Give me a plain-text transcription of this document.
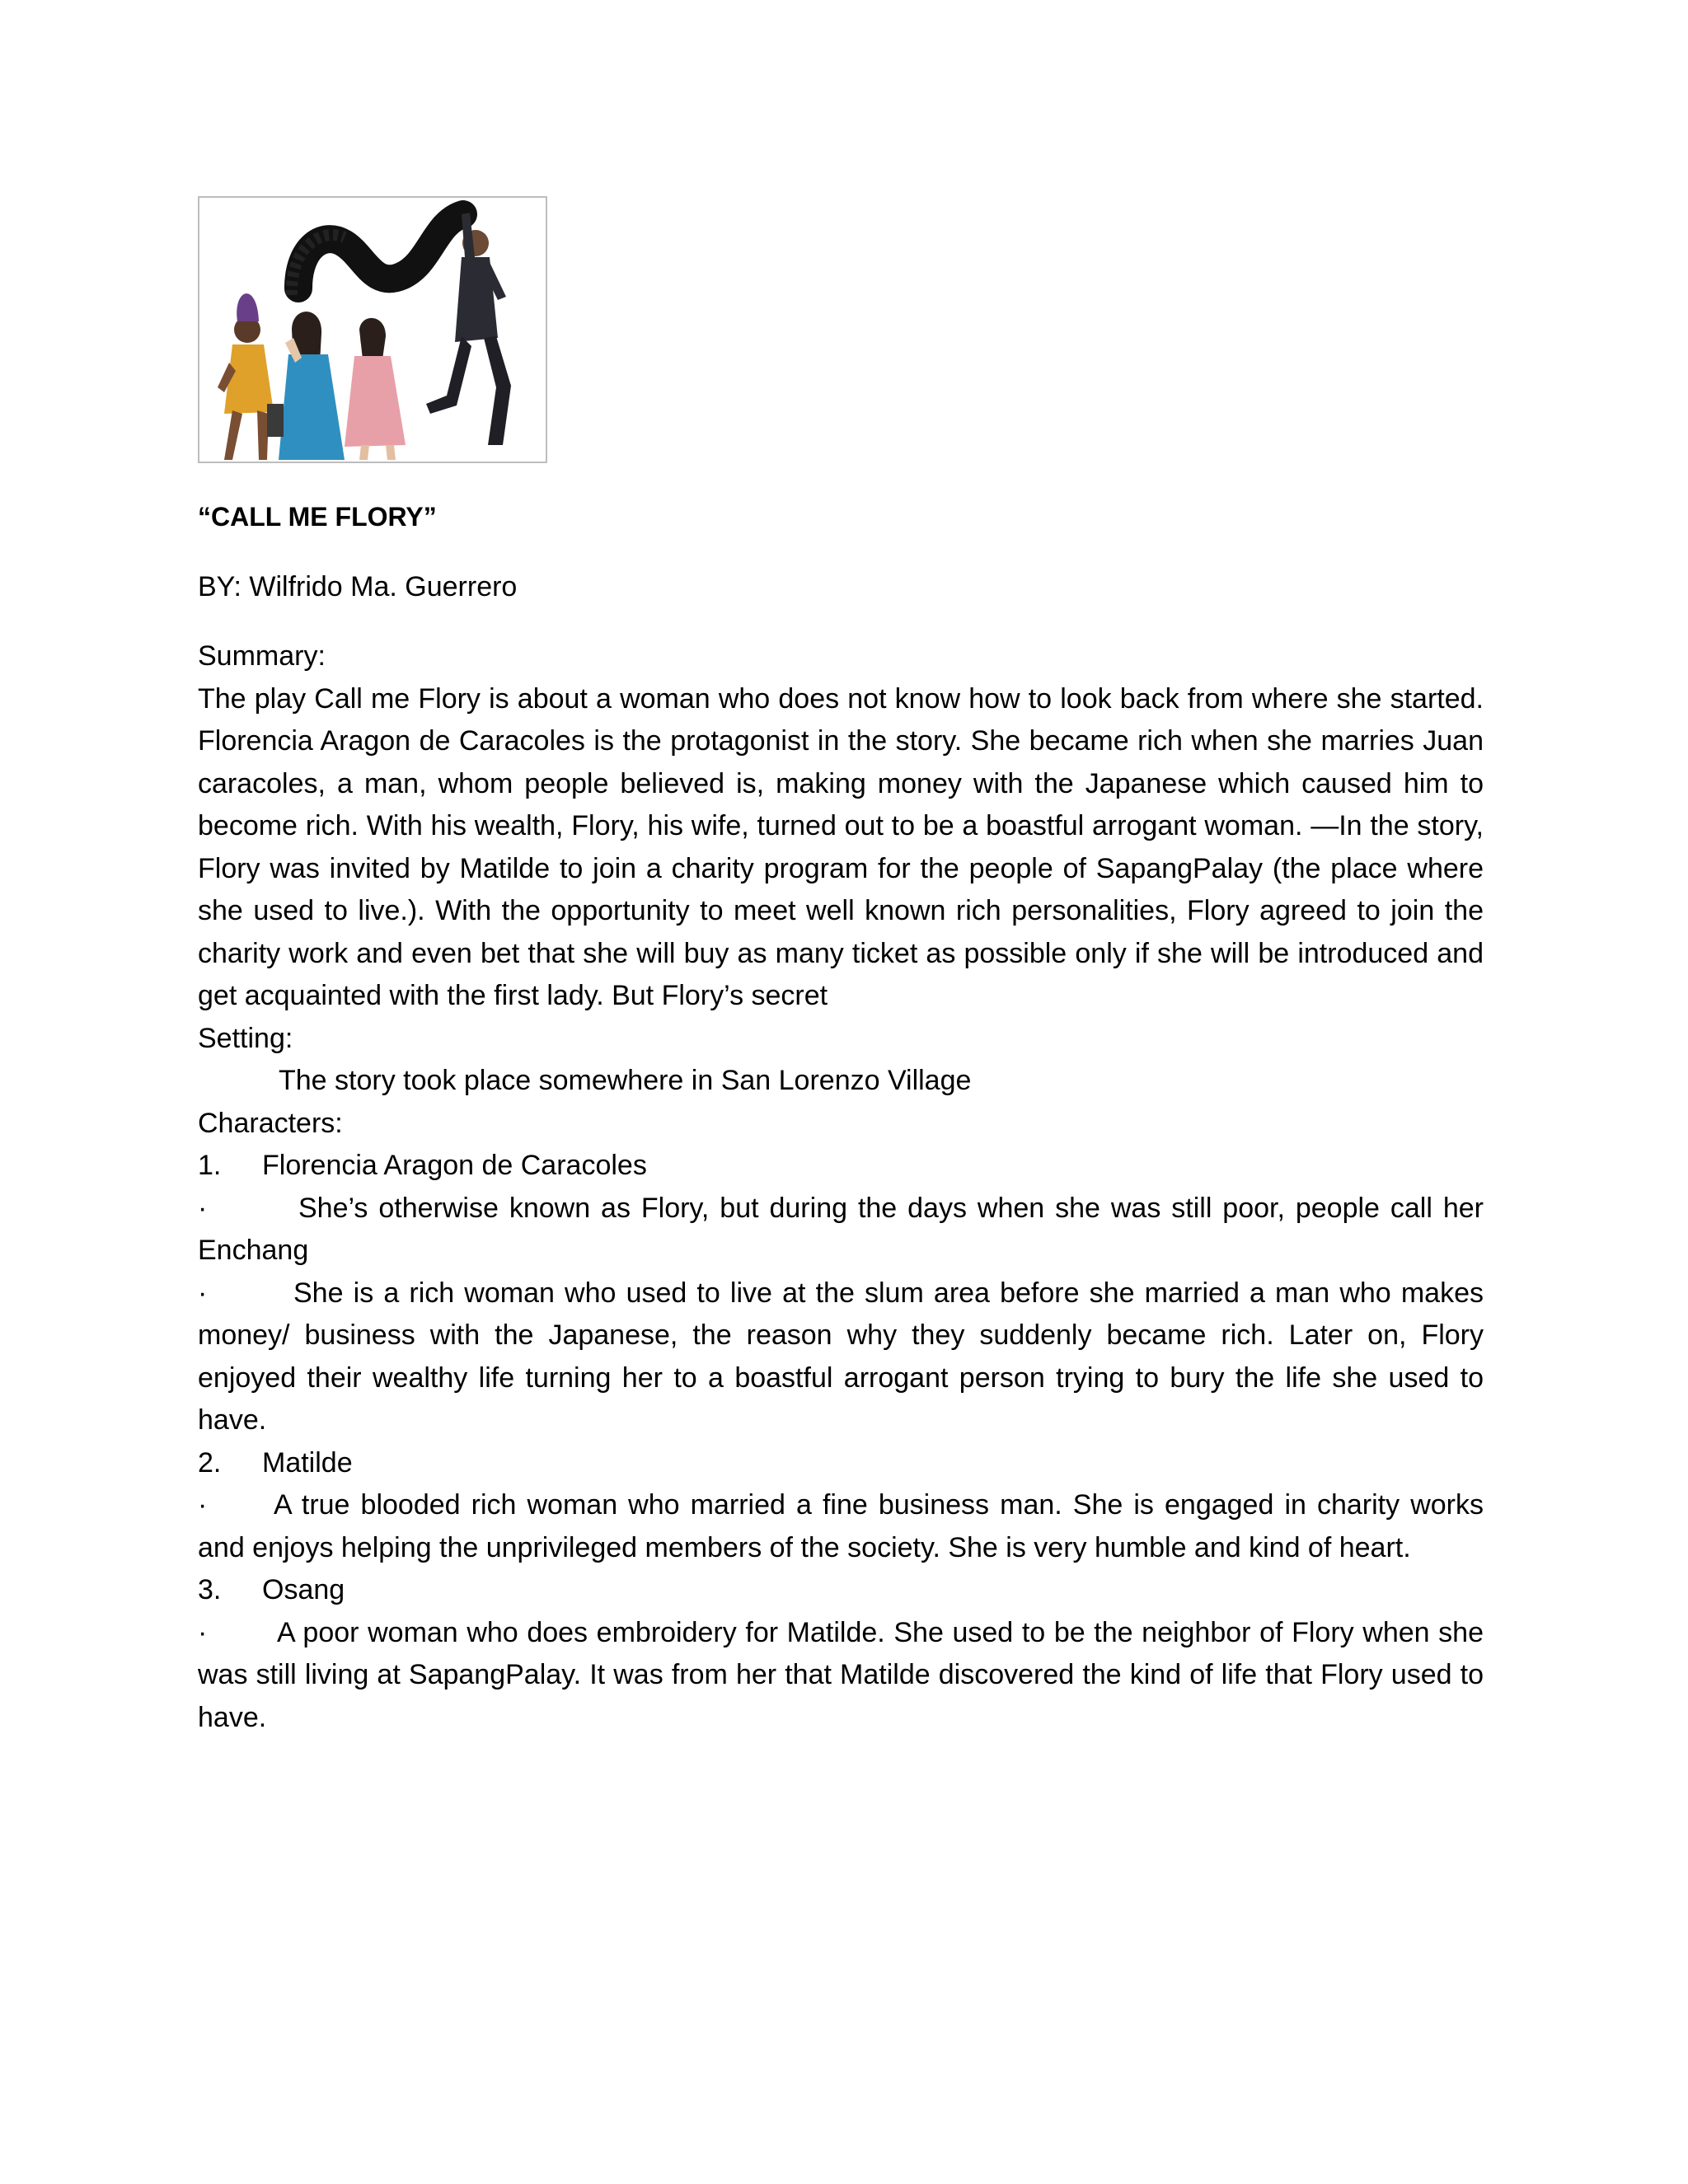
“CALL ME FLORY”
BY: Wilfrido Ma. Guerrero
Summary:

The play Call me Flory is about a woman who does not know how to look back from where she started. Florencia Aragon de Caracoles is the protagonist in the story. She became rich when she marries Juan caracoles, a man, whom people believed is, making money with the Japanese which caused him to become rich. With his wealth, Flory, his wife, turned out to be a boastful arrogant woman. —In the story, Flory was invited by Matilde to join a charity program for the people of SapangPalay (the place where she used to live.). With the opportunity to meet well known rich personalities, Flory agreed to join the charity work and even bet that she will buy as many ticket as possible only if she will be introduced and get acquainted with the first lady. But Flory’s secret

Setting:
The story took place somewhere in San Lorenzo Village
Characters:
1.	Florencia Aragon de Caracoles

·	She’s otherwise known as Flory, but during the days when she was still poor, people call her Enchang

·	She is a rich woman who used to live at the slum area before she married a man who makes money/ business with the Japanese, the reason why they suddenly became rich. Later on, Flory enjoyed their wealthy life turning her to a boastful arrogant person trying to bury the life she used to have.

2.	Matilde

· A true blooded rich woman who married a fine business man. She is engaged in charity works and enjoys helping the unprivileged members of the society. She is very humble and kind of heart.

3.	Osang

· A poor woman who does embroidery for Matilde. She used to be the neighbor of Flory when she was still living at SapangPalay. It was from her that Matilde discovered the kind of life that Flory used to have.
